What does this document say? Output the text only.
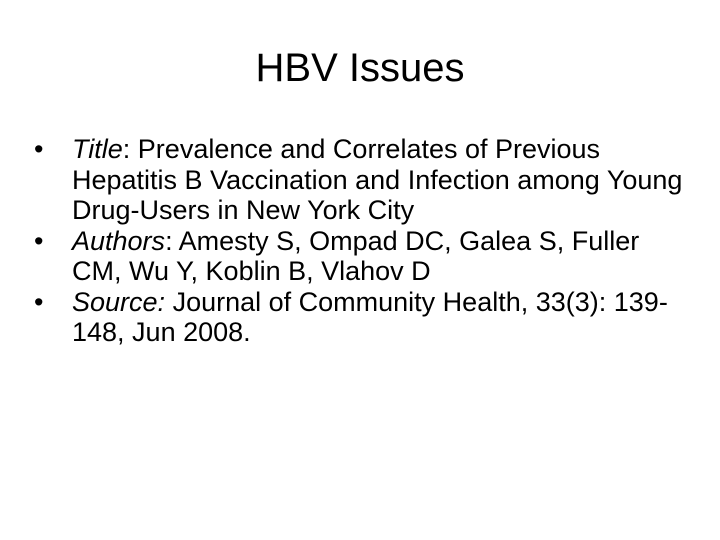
HBV Issues
•	Title: Prevalence and Correlates of Previous Hepatitis B Vaccination and Infection among Young Drug-Users in New York City
•	Authors: Amesty S, Ompad DC, Galea S, Fuller CM, Wu Y, Koblin B, Vlahov D
•	Source: Journal of Community Health, 33(3): 139-148, Jun 2008.
